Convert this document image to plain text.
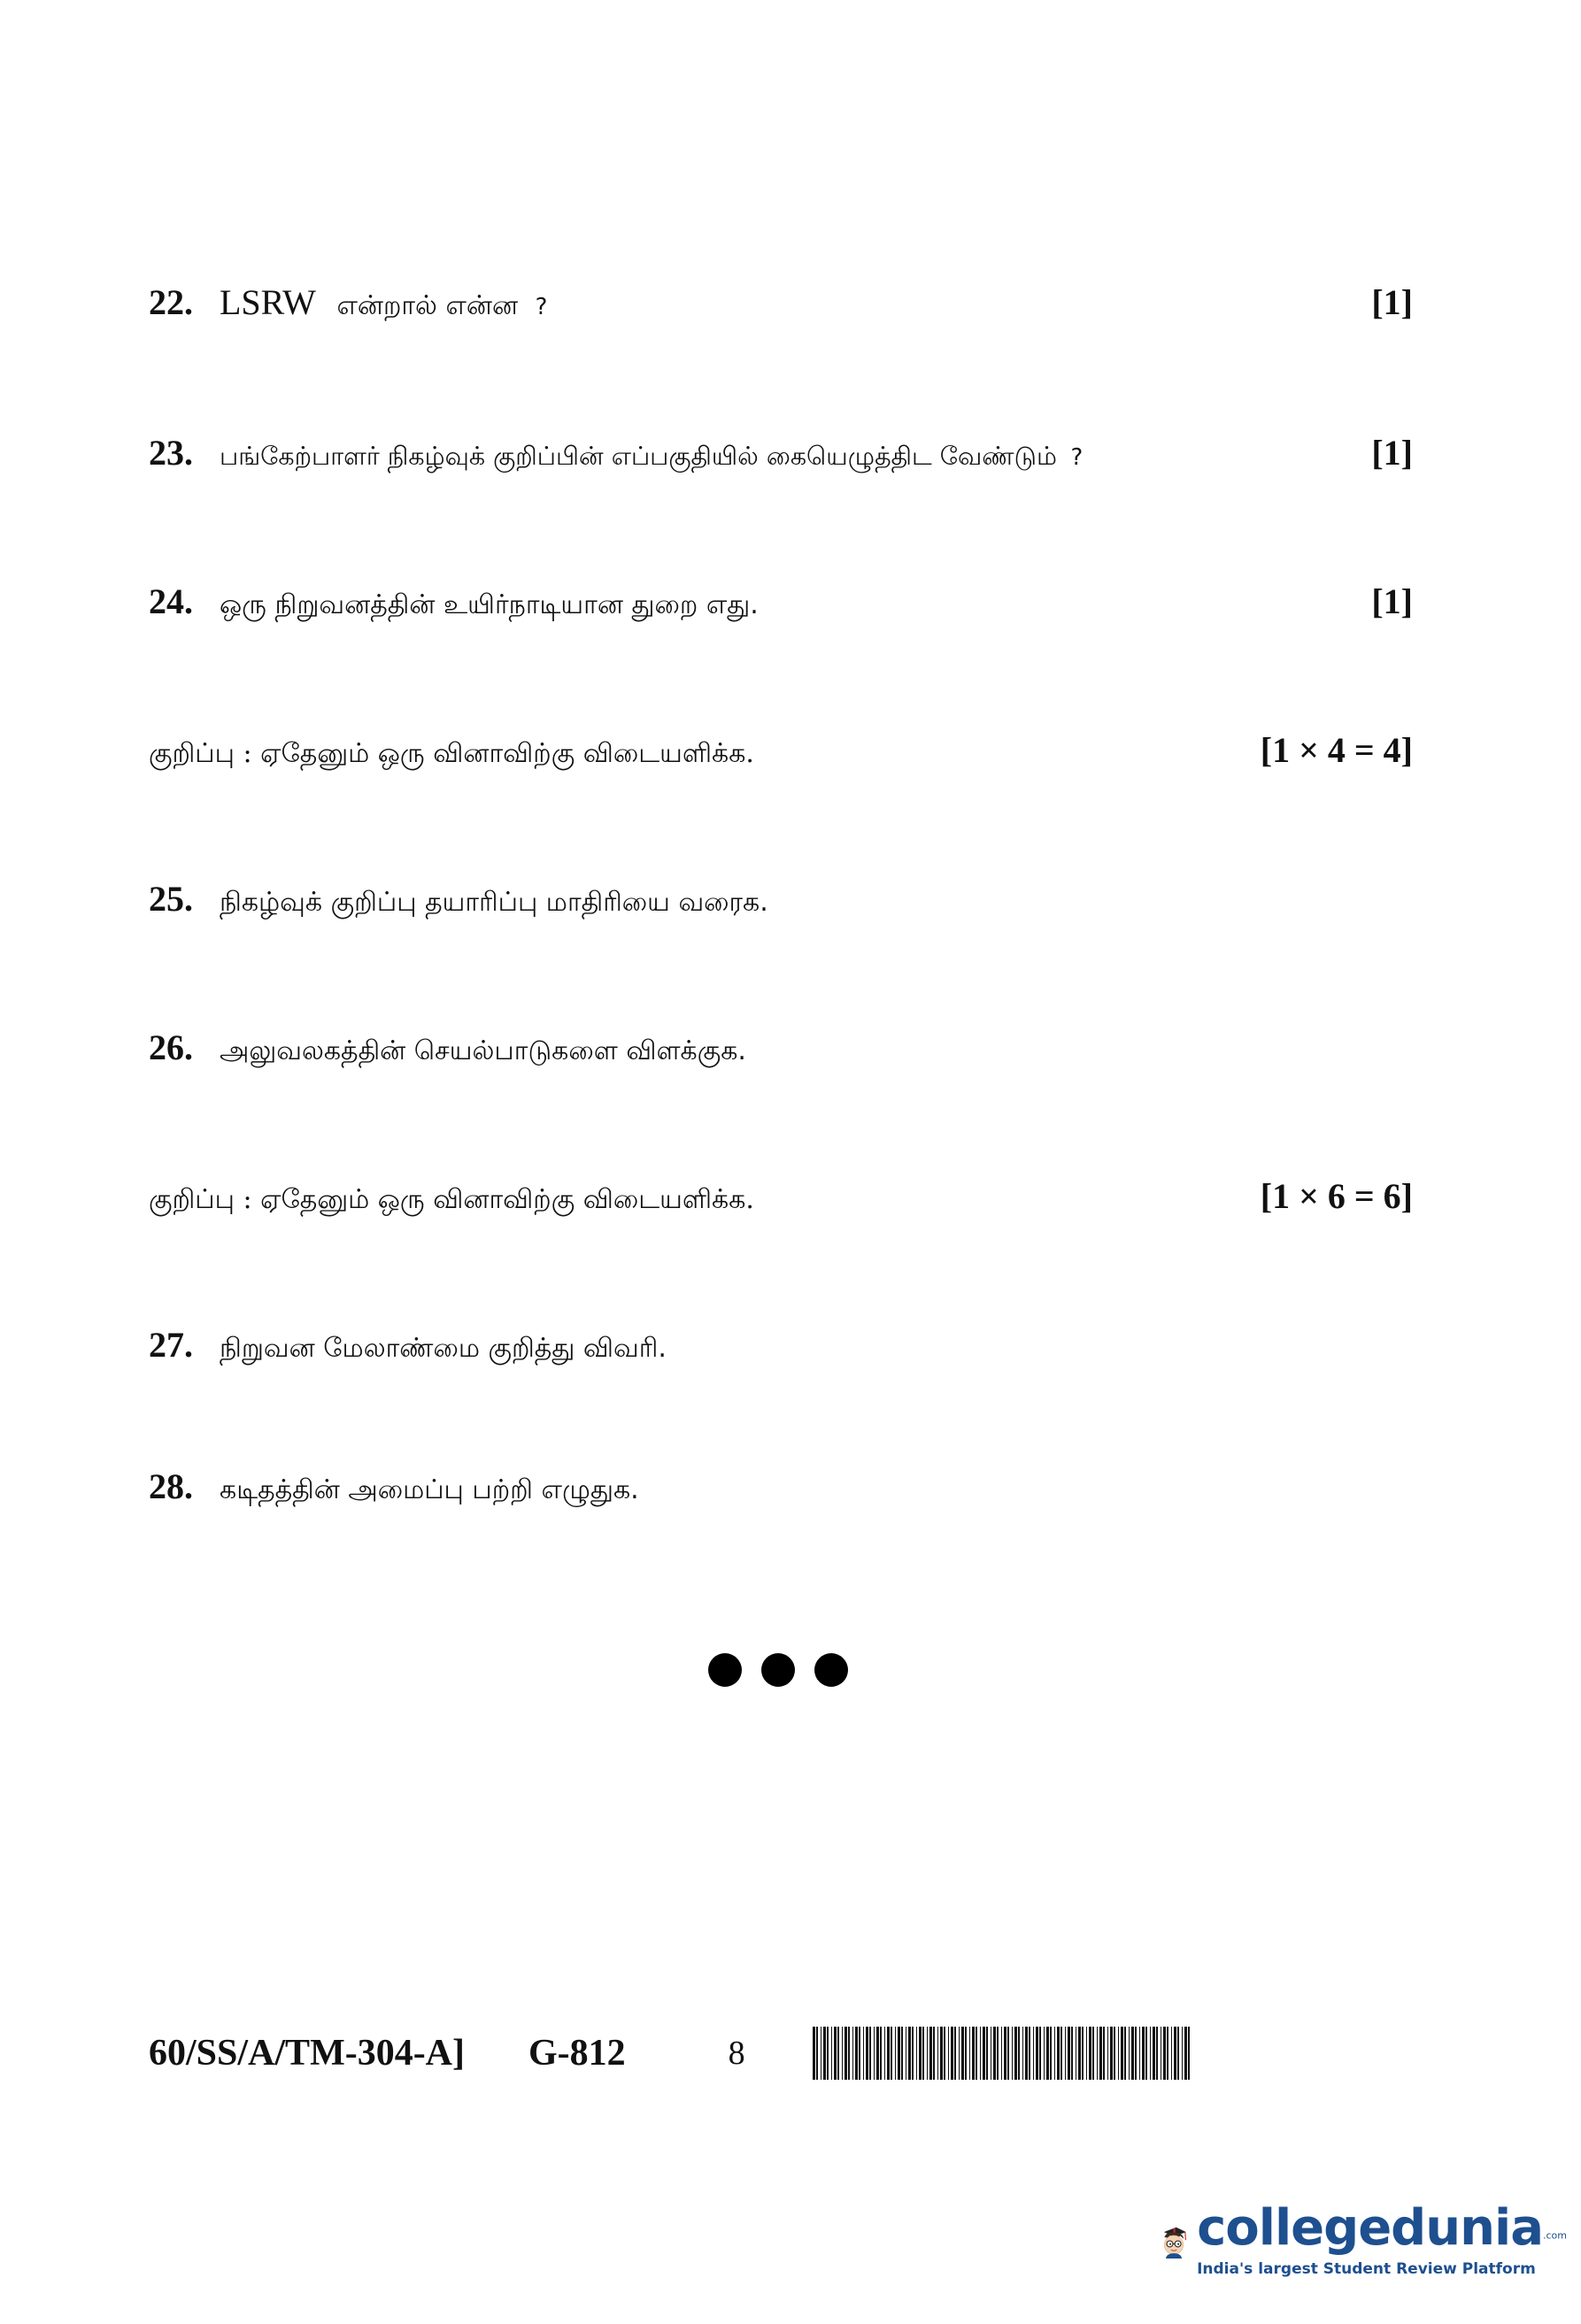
22. LSRW என்றால் என்ன ?	[1]
23.	பங்கேற்பாளர் நிகழ்வுக் குறிப்பின் எப்பகுதியில் கையெழுத்திட வேண்டும் ?	[1]
24.	ஒரு நிறுவனத்தின் உயிர்நாடியான துறை எது.	[1]
குறிப்பு : ஏதேனும் ஒரு வினாவிற்கு விடையளிக்க.	[1 × 4 = 4]
25.	நிகழ்வுக் குறிப்பு தயாரிப்பு மாதிரியை வரைக.
26.	அலுவலகத்தின் செயல்பாடுகளை விளக்குக.
குறிப்பு : ஏதேனும் ஒரு வினாவிற்கு விடையளிக்க.	[1 × 6 = 6]
27.	நிறுவன மேலாண்மை குறித்து விவரி.
28.	கடிதத்தின் அமைப்பு பற்றி எழுதுக.
60/SS/A/TM-304-A] G-812	8
collegedunia$^{.com}$
India's largest Student Review Platform
